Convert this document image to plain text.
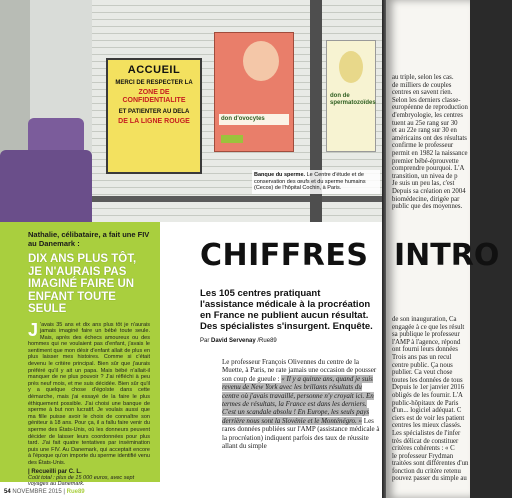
ACCUEIL
MERCI DE RESPECTER LA
ZONE DE CONFIDENTIALITE
ET PATIENTER AU DELA
DE LA LIGNE ROUGE	don d'ovocytes
don de spermatozoïdes
Banque du sperme. Le Centre d'étude et de conservation des œufs et du sperme humains (Cecos) de l'hôpital Cochin, à Paris.
Nathalie, célibataire, a fait une FIV au Danemark :
DIX ANS PLUS TÔT, JE N'AURAIS PAS IMAGINÉ FAIRE UN ENFANT TOUTE SEULE
J 'avais 35 ans et dix ans plus tôt je n'aurais jamais imaginé faire un bébé toute seule. Mais, après des échecs amoureux ou des hommes qui ne voulaient pas d'enfant, j'avais le sentiment que mon désir d'enfant allait de plus en plus laisser mes histoires. Comme si c'était devenu le critère principal. Bien sûr que j'aurais préféré qu'il y ait un papa. Mais bébé n'allait-il manquer de ne plus pouvoir ? J'ai réfléchi à peu près neuf mois, et me suis décidée. Bien sûr qu'il y a quelque chose d'égoïste dans cette démarche, mais j'ai essayé de la faire le plus éthiquement possible. J'ai choisi une banque de sperme à but non lucratif. Je voulais aussi que ma fille puisse avoir le choix de connaître son géniteur à 18 ans. Pour ça, il a fallu faire venir du sperme des États-Unis, où les donneurs peuvent décider de laisser leurs coordonnées pour plus tard. J'ai fait quatre tentatives par insémination puis une FIV. Au Danemark, qui acceptait encore à l'époque qu'on importe du sperme identifié venu des États-Unis.
| Recueilli par C. L.
Coût total : plus de 15 000 euros, avec sept voyages au Danemark.
CHIFFRES
Les 105 centres pratiquant l'assistance médicale à la procréation en France ne publient aucun résultat. Des spécialistes s'insurgent. Enquête.
Par David Servenay /Rue89
Le professeur François Olivennes du centre de la Muette, à Paris, ne rate jamais une occasion de pousser son coup de gueule : « Il y a quinze ans, quand je suis revenu de New York avec les brillants résultats du centre où j'avais travaillé, personne n'y croyait ici. En termes de résultats, la France est dans les derniers. C'est un scandale absolu ! En Europe, les seuls pays derrière nous sont la Slovénie et le Monténégro. » Les rares données publiées sur l'AMP (assistance médicale à la procréation) indiquent parfois des taux de réussite allant du simple
54 NOVEMBRE 2015 | Rue89
au triple, selon les cas.
de milliers de couples
centres en savent rien.
Selon les derniers classe-
européenne de reproduction
d'embryologie, les centres
tuent au 25e rang sur 30
et au 22e rang sur 30 en
américains ont des résultats
confirme le professeur
permit en 1982 la naissance
premier bébé-éprouvette
comprendre pourquoi. L'A
transition, un nivea de p
Je suis un peu las, c'est
Depuis sa création en 2004
biomédecine, dirigée par
public que des moyennes.
INTRO
de son inauguration, Ca
engagée à ce que les résult
sa publique le professeur
l'AMP à l'agence, répond
ont fourni leurs données
Trois ans pas un recul
centre public. Ça nous
publier. Ca veut chose
toutes les données de tous
Depuis le 1er janvier 2016
obligés de les fournir. L'A
public-hôpitaux de Paris
d'un... logiciel adéquat. C
ciers est de voir les patient
centres les mieux classés.
Les spécialistes de l'infer
très délicat de constituer
critères cohérents : « C
le professeur Frydman
traitées sont différentes d'un
fonction du critère retenu
pouvez passer du simple au
